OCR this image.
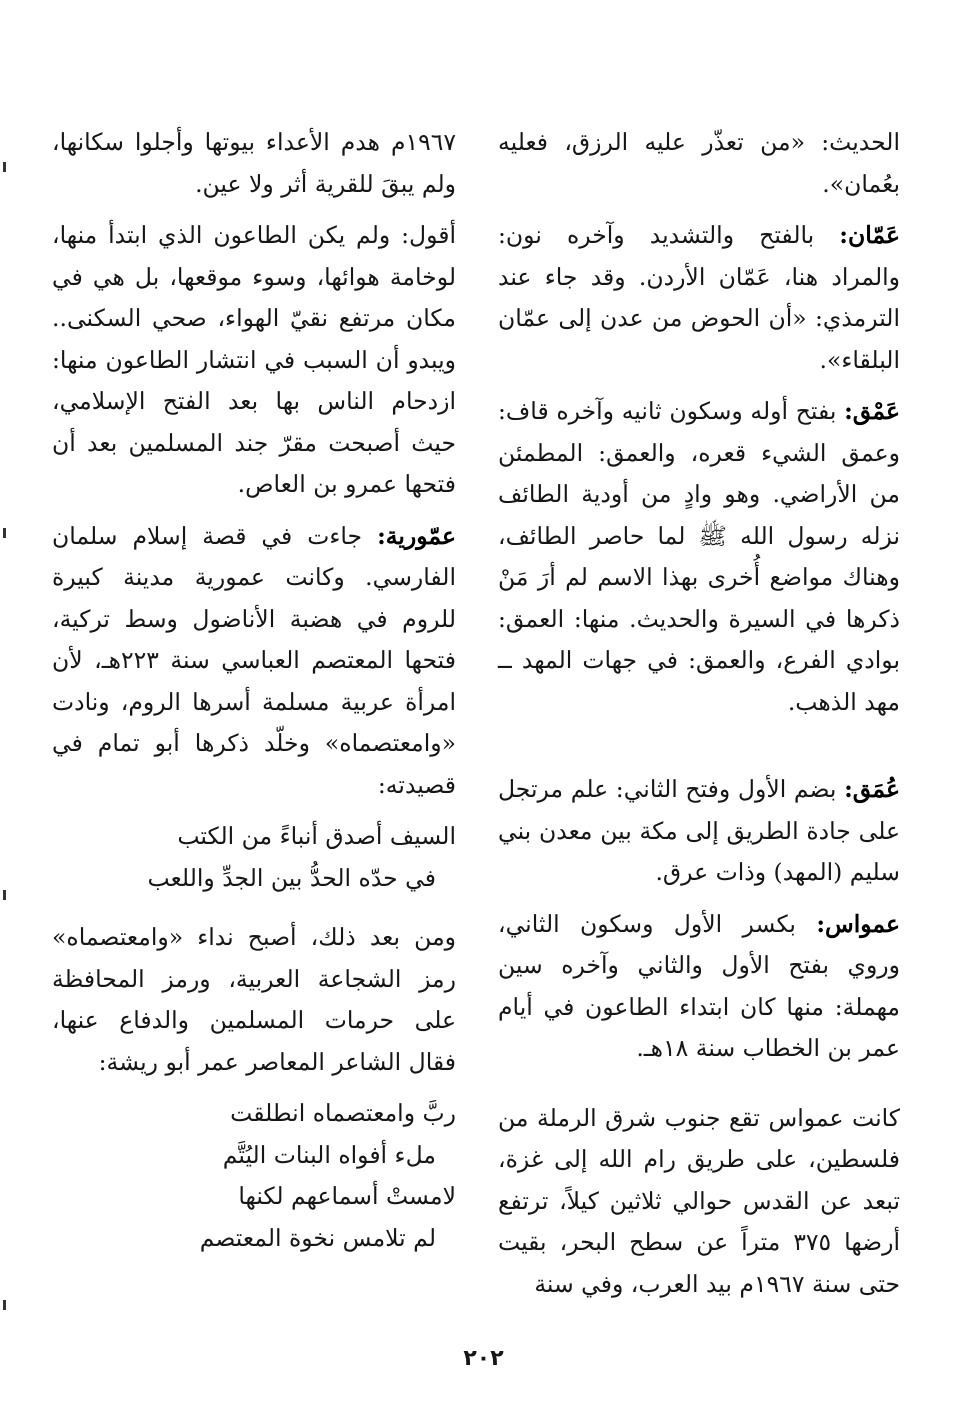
الحديث: «من تعذّر عليه الرزق، فعليه بعُمان».

عَمّان: بالفتح والتشديد وآخره نون: والمراد هنا، عَمّان الأردن. وقد جاء عند الترمذي: «أن الحوض من عدن إلى عمّان البلقاء».

عَمْق: بفتح أوله وسكون ثانيه وآخره قاف: وعمق الشيء قعره، والعمق: المطمئن من الأراضي. وهو وادٍ من أودية الطائف نزله رسول الله ﷺ لما حاصر الطائف، وهناك مواضع أُخرى بهذا الاسم لم أرَ مَنْ ذكرها في السيرة والحديث. منها: العمق: بوادي الفرع، والعمق: في جهات المهد ــ مهد الذهب.

عُمَق: بضم الأول وفتح الثاني: علم مرتجل على جادة الطريق إلى مكة بين معدن بني سليم (المهد) وذات عرق.

عمواس: بكسر الأول وسكون الثاني، وروي بفتح الأول والثاني وآخره سين مهملة: منها كان ابتداء الطاعون في أيام عمر بن الخطاب سنة ١٨هـ.

كانت عمواس تقع جنوب شرق الرملة من فلسطين، على طريق رام الله إلى غزة، تبعد عن القدس حوالي ثلاثين كيلاً، ترتفع أرضها ٣٧٥ متراً عن سطح البحر، بقيت حتى سنة ١٩٦٧م بيد العرب، وفي سنة

١٩٦٧م هدم الأعداء بيوتها وأجلوا سكانها، ولم يبقَ للقرية أثر ولا عين.

أقول: ولم يكن الطاعون الذي ابتدأ منها، لوخامة هوائها، وسوء موقعها، بل هي في مكان مرتفع نقيّ الهواء، صحي السكنى.. ويبدو أن السبب في انتشار الطاعون منها: ازدحام الناس بها بعد الفتح الإسلامي، حيث أصبحت مقرّ جند المسلمين بعد أن فتحها عمرو بن العاص.

عمّورية: جاءت في قصة إسلام سلمان الفارسي. وكانت عمورية مدينة كبيرة للروم في هضبة الأناضول وسط تركية، فتحها المعتصم العباسي سنة ٢٢٣هـ، لأن امرأة عربية مسلمة أسرها الروم، ونادت «وامعتصماه» وخلّد ذكرها أبو تمام في قصيدته:

السيف أصدق أنباءً من الكتب
في حدّه الحدُّ بين الجدِّ واللعب

ومن بعد ذلك، أصبح نداء «وامعتصماه» رمز الشجاعة العربية، ورمز المحافظة على حرمات المسلمين والدفاع عنها، فقال الشاعر المعاصر عمر أبو ريشة:

ربَّ وامعتصماه انطلقت
ملء أفواه البنات اليُتَّم
لامستْ أسماعهم لكنها
لم تلامس نخوة المعتصم
٢٠٢
